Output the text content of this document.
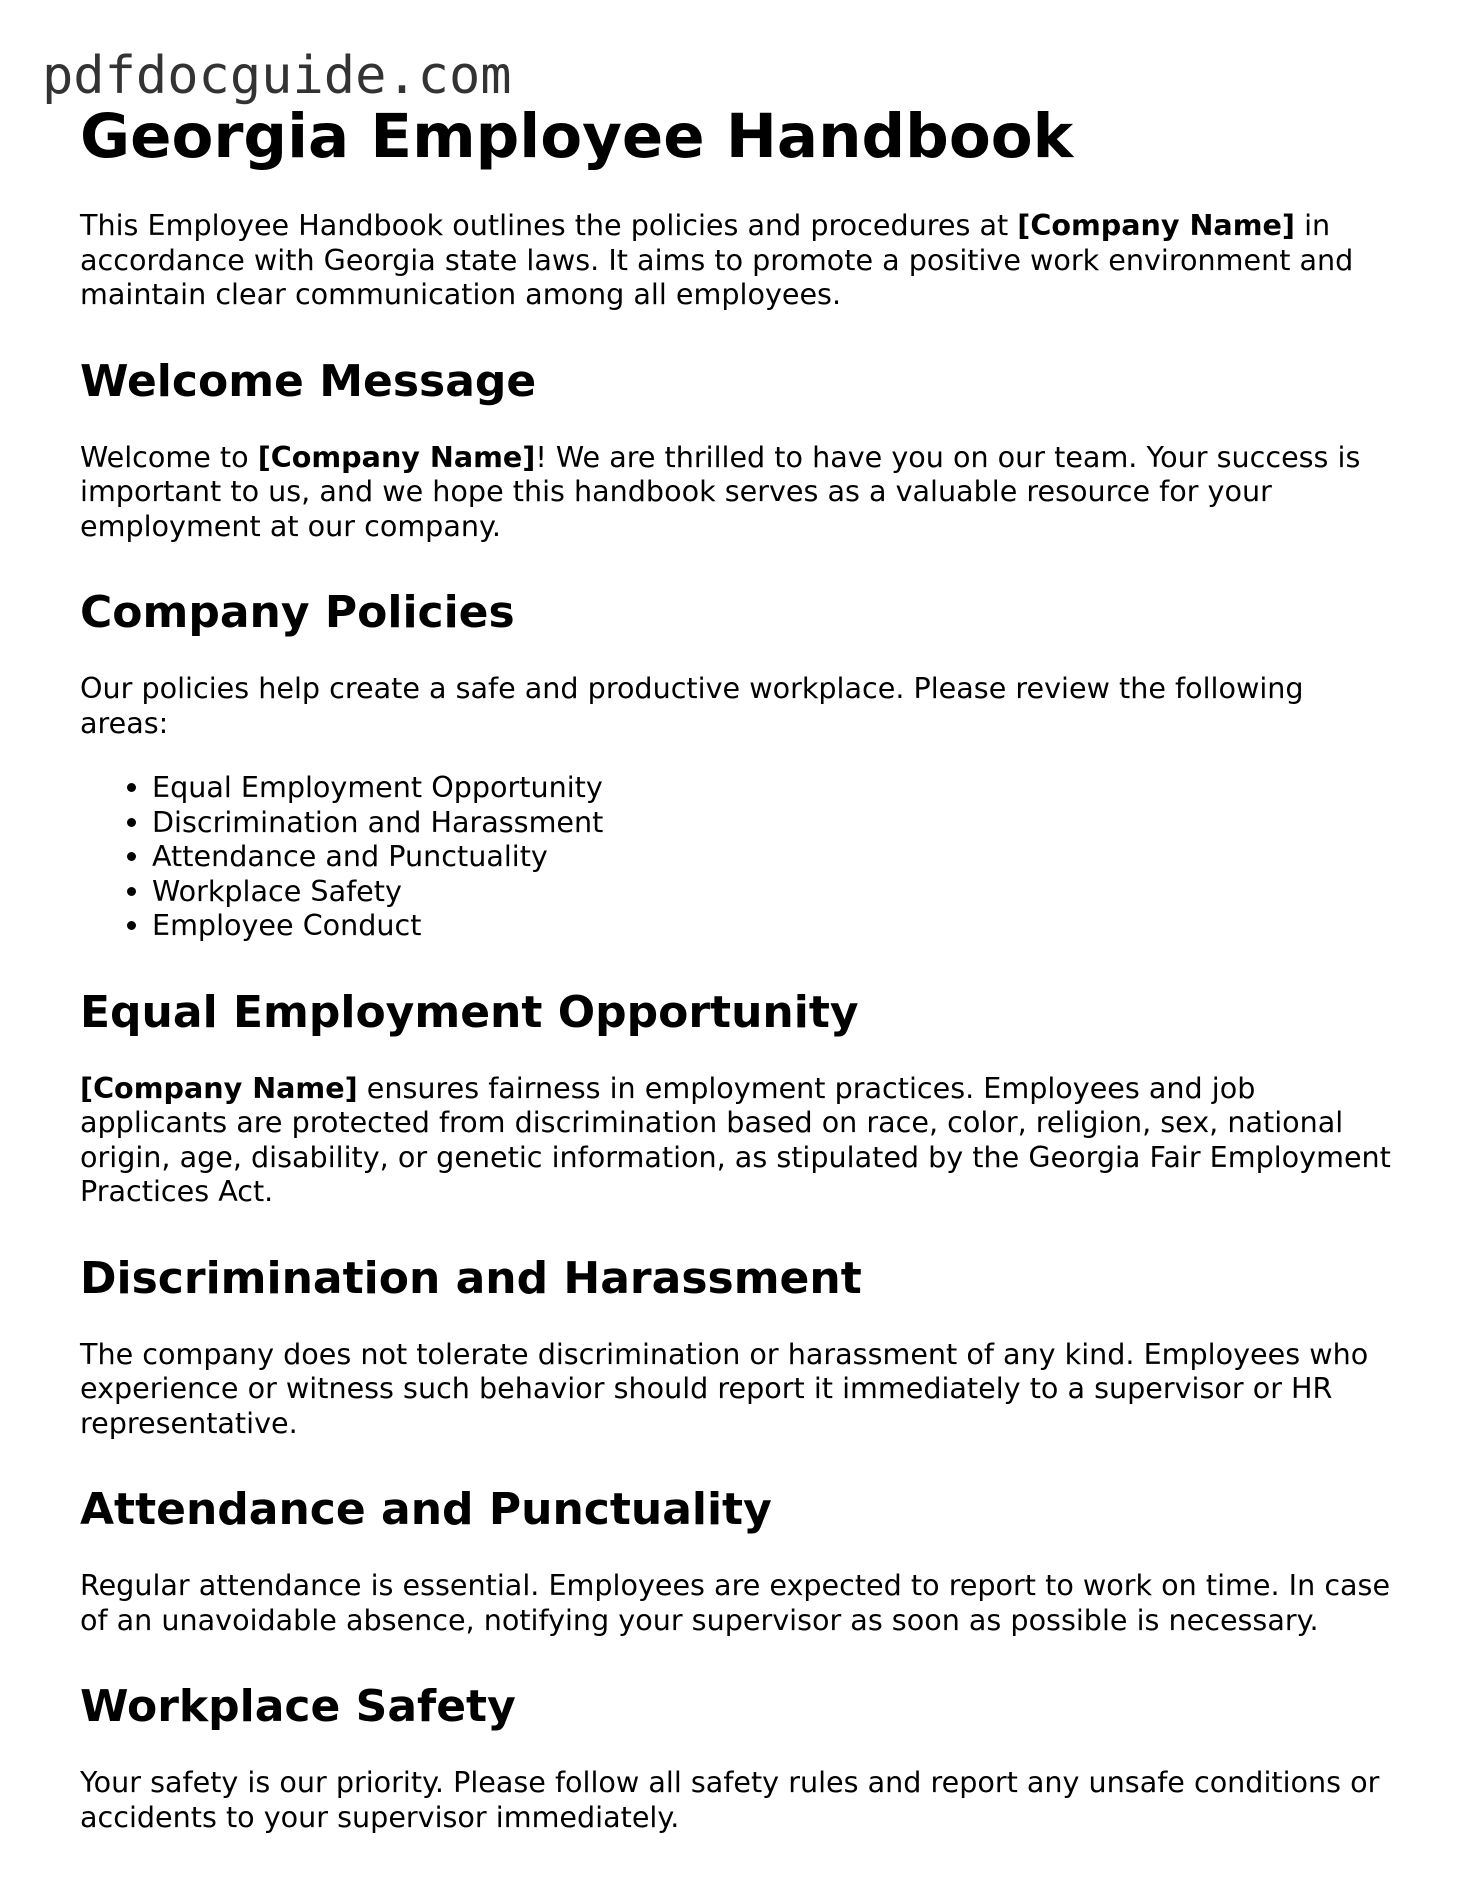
pdfdocguide.com
Georgia Employee Handbook

This Employee Handbook outlines the policies and procedures at [Company Name] in accordance with Georgia state laws. It aims to promote a positive work environment and maintain clear communication among all employees.

Welcome Message

Welcome to [Company Name]! We are thrilled to have you on our team. Your success is important to us, and we hope this handbook serves as a valuable resource for your employment at our company.

Company Policies

Our policies help create a safe and productive workplace. Please review the following areas:

• Equal Employment Opportunity
• Discrimination and Harassment
• Attendance and Punctuality
• Workplace Safety
• Employee Conduct
Equal Employment Opportunity

[Company Name] ensures fairness in employment practices. Employees and job applicants are protected from discrimination based on race, color, religion, sex, national origin, age, disability, or genetic information, as stipulated by the Georgia Fair Employment Practices Act.

Discrimination and Harassment

The company does not tolerate discrimination or harassment of any kind. Employees who experience or witness such behavior should report it immediately to a supervisor or HR representative.

Attendance and Punctuality

Regular attendance is essential. Employees are expected to report to work on time. In case of an unavoidable absence, notifying your supervisor as soon as possible is necessary.

Workplace Safety

Your safety is our priority. Please follow all safety rules and report any unsafe conditions or accidents to your supervisor immediately.
